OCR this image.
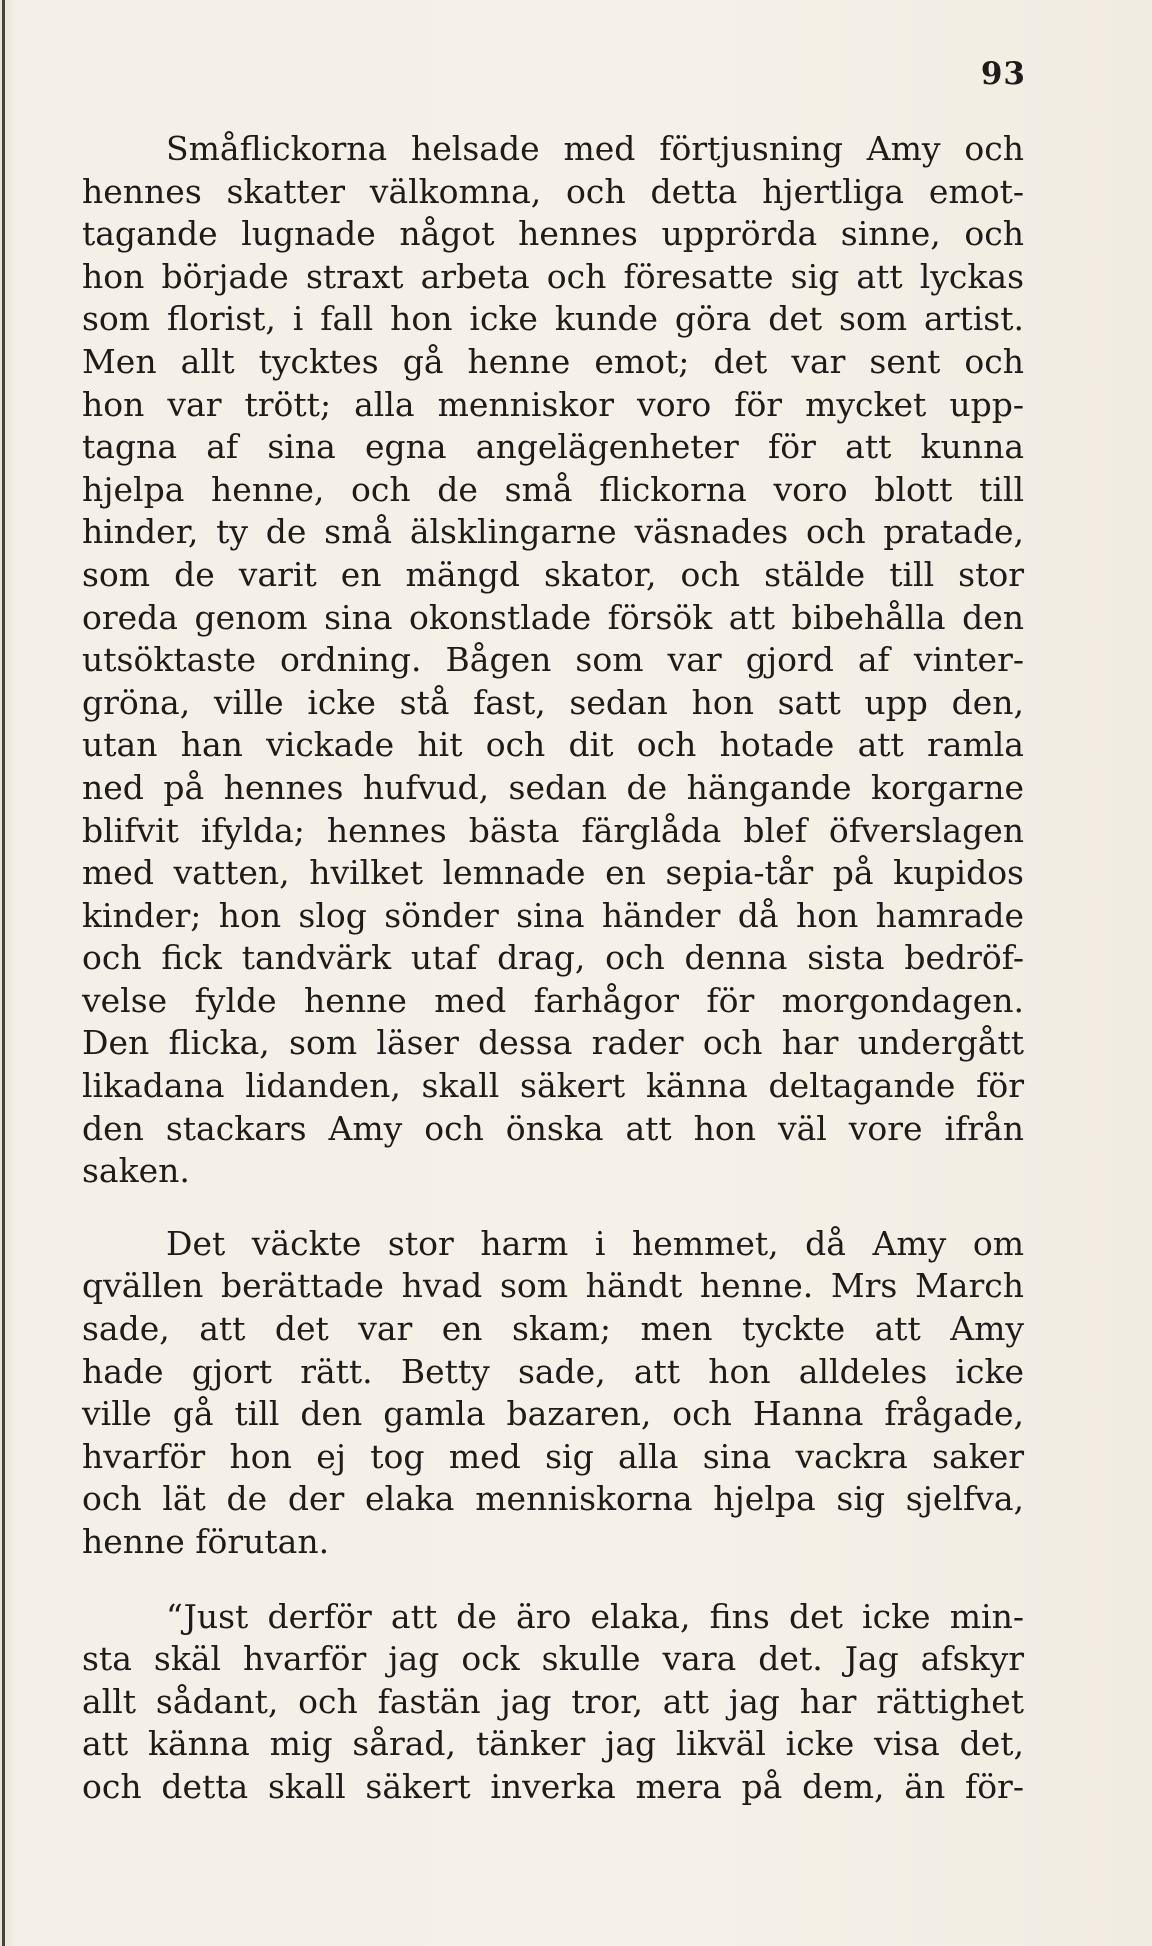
93
Småflickorna helsade med förtjusning Amy och
hennes skatter välkomna, och detta hjertliga emot-
tagande lugnade något hennes upprörda sinne, och
hon började straxt arbeta och föresatte sig att lyckas
som florist, i fall hon icke kunde göra det som artist.
Men allt tycktes gå henne emot; det var sent och
hon var trött; alla menniskor voro för mycket upp-
tagna af sina egna angelägenheter för att kunna
hjelpa henne, och de små flickorna voro blott till
hinder, ty de små älsklingarne väsnades och pratade,
som de varit en mängd skator, och stälde till stor
oreda genom sina okonstlade försök att bibehålla den
utsöktaste ordning. Bågen som var gjord af vinter-
gröna, ville icke stå fast, sedan hon satt upp den,
utan han vickade hit och dit och hotade att ramla
ned på hennes hufvud, sedan de hängande korgarne
blifvit ifylda; hennes bästa färglåda blef öfverslagen
med vatten, hvilket lemnade en sepia-tår på kupidos
kinder; hon slog sönder sina händer då hon hamrade
och fick tandvärk utaf drag, och denna sista bedröf-
velse fylde henne med farhågor för morgondagen.
Den flicka, som läser dessa rader och har undergått
likadana lidanden, skall säkert känna deltagande för
den stackars Amy och önska att hon väl vore ifrån
saken.
Det väckte stor harm i hemmet, då Amy om
qvällen berättade hvad som händt henne. Mrs March
sade, att det var en skam; men tyckte att Amy
hade gjort rätt. Betty sade, att hon alldeles icke
ville gå till den gamla bazaren, och Hanna frågade,
hvarför hon ej tog med sig alla sina vackra saker
och lät de der elaka menniskorna hjelpa sig sjelfva,
henne förutan.
“Just derför att de äro elaka, fins det icke min-
sta skäl hvarför jag ock skulle vara det. Jag afskyr
allt sådant, och fastän jag tror, att jag har rättighet
att känna mig sårad, tänker jag likväl icke visa det,
och detta skall säkert inverka mera på dem, än för-
